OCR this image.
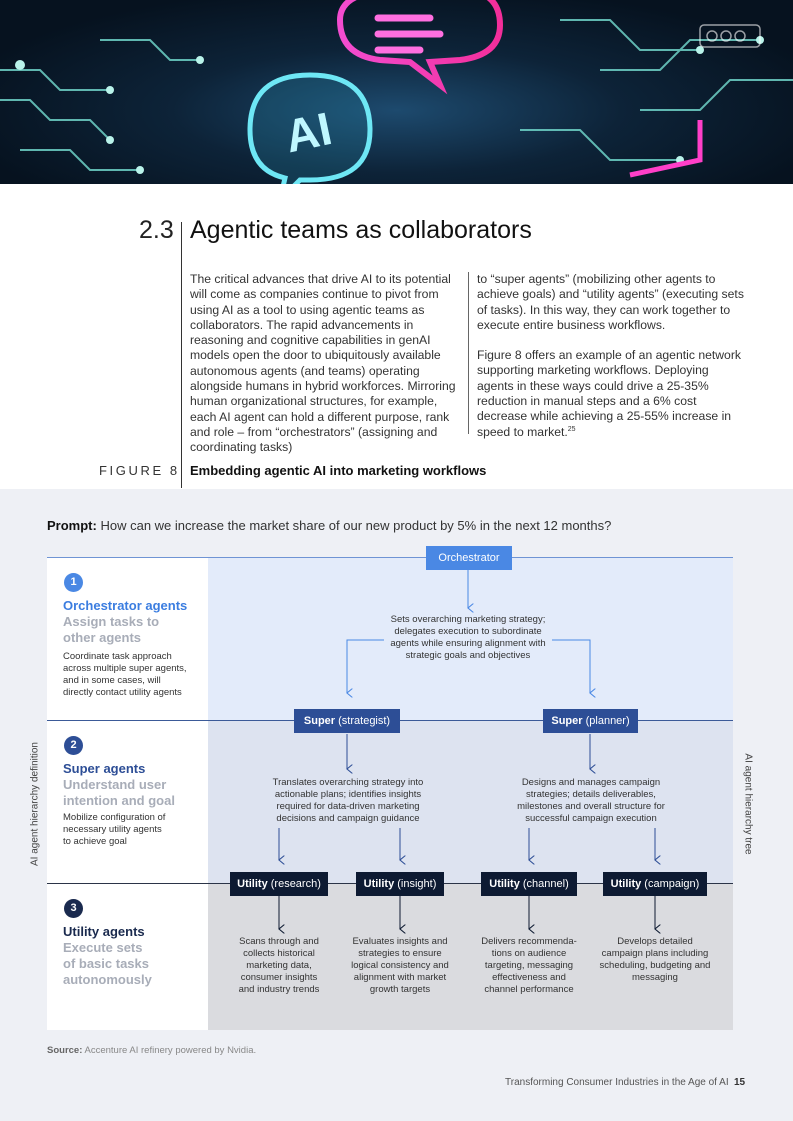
AI
2.3 Agentic teams as collaborators

The critical advances that drive AI to its potential will come as companies continue to pivot from using AI as a tool to using agentic teams as collaborators. The rapid advancements in reasoning and cognitive capabilities in genAI models open the door to ubiquitously available autonomous agents (and teams) operating alongside humans in hybrid workforces. Mirroring human organizational structures, for example, each AI agent can hold a different purpose, rank and role – from “orchestrators” (assigning and coordinating tasks)

to “super agents” (mobilizing other agents to achieve goals) and “utility agents” (executing sets of tasks). In this way, they can work together to execute entire business workflows.

Figure 8 offers an example of an agentic network supporting marketing workflows. Deploying agents in these ways could drive a 25-35% reduction in manual steps and a 6% cost decrease while achieving a 25-55% increase in speed to market.$^{25}$

FIGURE 8 Embedding agentic AI into marketing workflows
Prompt: How can we increase the market share of our new product by 5% in the next 12 months?
1
Orchestrator agents
Assign tasks to other agents
Coordinate task approach across multiple super agents, and in some cases, will directly contact utility agents
2
Super agents
Understand user intention and goal
Mobilize configuration of necessary utility agents to achieve goal
3
Utility agents
Execute sets of basic tasks autonomously
Orchestrator
Sets overarching marketing strategy; delegates execution to subordinate agents while ensuring alignment with strategic goals and objectives
Super (strategist)	Super (planner)
Translates overarching strategy into actionable plans; identifies insights required for data-driven marketing decisions and campaign guidance
Designs and manages campaign strategies; details deliverables, milestones and overall structure for successful campaign execution
Utility (research)	Utility (insight)	Utility (channel)	Utility (campaign)
Scans through and collects historical marketing data, consumer insights and industry trends
Evaluates insights and strategies to ensure logical consistency and alignment with market growth targets
Delivers recommenda-tions on audience targeting, messaging effectiveness and channel performance
Develops detailed campaign plans including scheduling, budgeting and messaging
AI agent hierarchy definition	AI agent hierarchy tree
Source: Accenture AI refinery powered by Nvidia.
Transforming Consumer Industries in the Age of AI 15
